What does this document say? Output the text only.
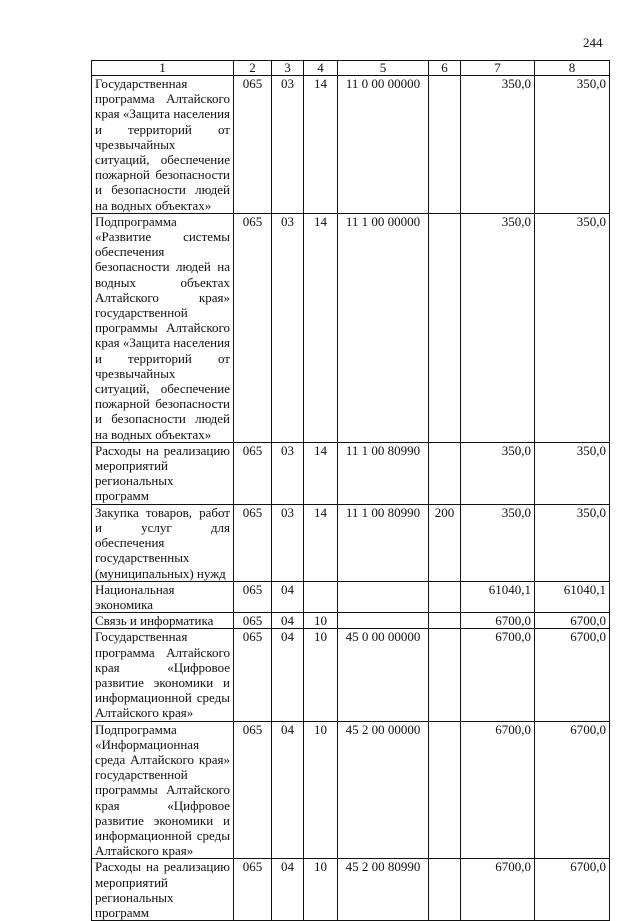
244
1	2	3	4	5	6	7	8

Государственная программа Алтайского края «Защита населения и территорий от чрезвычайных ситуаций, обеспечение пожарной безопасности и безопасности людей на водных объектах»	065	03	14	11 0 00 00000		350,0	350,0

Подпрограмма «Развитие системы обеспечения безопасности людей на водных объектах Алтайского края» государственной программы Алтайского края «Защита населения и территорий от чрезвычайных ситуаций, обеспечение пожарной безопасности и безопасности людей на водных объектах»	065	03	14	11 1 00 00000		350,0	350,0

Расходы на реализацию мероприятий региональных программ	065	03	14	11 1 00 80990		350,0	350,0

Закупка товаров, работ и услуг для обеспечения государственных (муниципальных) нужд	065	03	14	11 1 00 80990	200	350,0	350,0

Национальная экономика	065	04				61040,1	61040,1

Связь и информатика	065	04	10			6700,0	6700,0

Государственная программа Алтайского края «Цифровое развитие экономики и информационной среды Алтайского края»	065	04	10	45 0 00 00000		6700,0	6700,0

Подпрограмма «Информационная среда Алтайского края» государственной программы Алтайского края «Цифровое развитие экономики и информационной среды Алтайского края»	065	04	10	45 2 00 00000		6700,0	6700,0

Расходы на реализацию мероприятий региональных программ	065	04	10	45 2 00 80990		6700,0	6700,0
